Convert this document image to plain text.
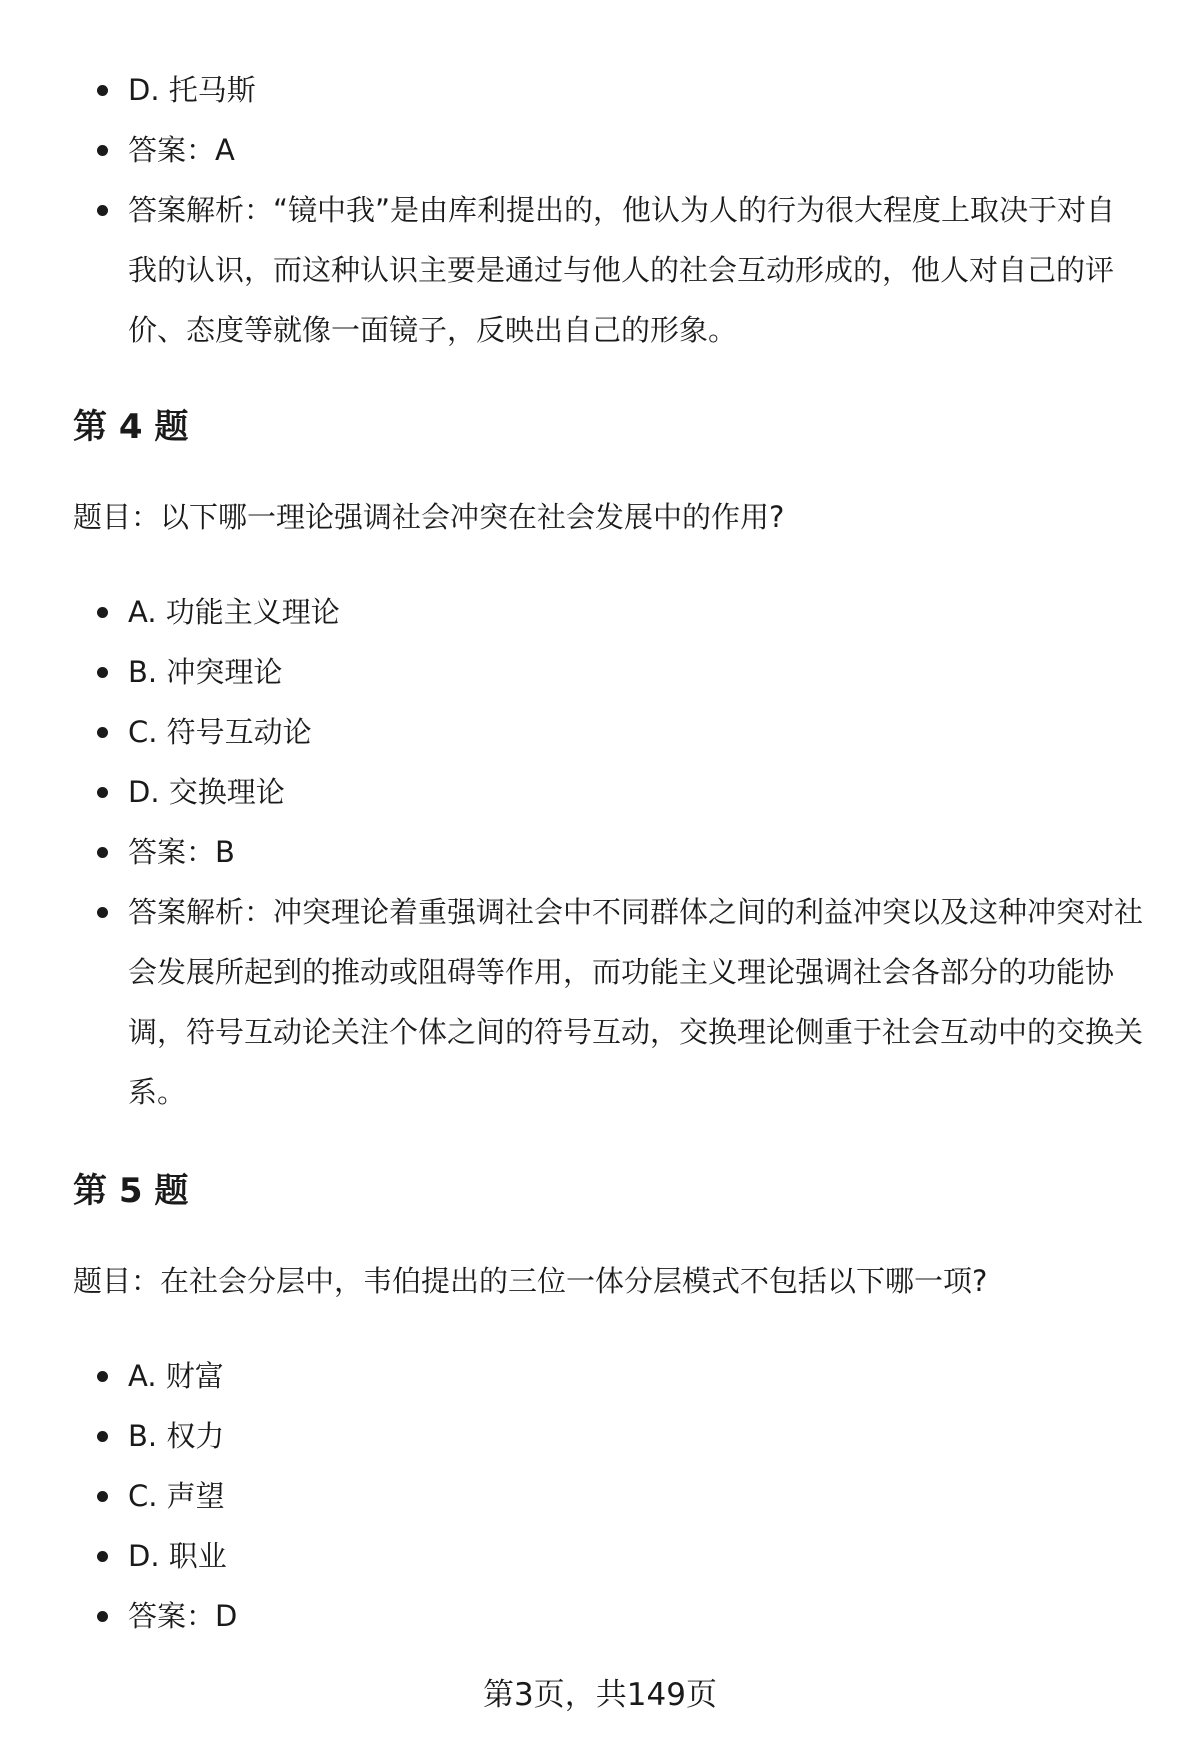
D. 托马斯
答案：A
答案解析：“镜中我”是由库利提出的，他认为人的行为很大程度上取决于对自我的认识，而这种认识主要是通过与他人的社会互动形成的，他人对自己的评价、态度等就像一面镜子，反映出自己的形象。
第 4 题

题目：以下哪一理论强调社会冲突在社会发展中的作用?

A. 功能主义理论
B. 冲突理论
C. 符号互动论
D. 交换理论
答案：B
答案解析：冲突理论着重强调社会中不同群体之间的利益冲突以及这种冲突对社会发展所起到的推动或阻碍等作用，而功能主义理论强调社会各部分的功能协调，符号互动论关注个体之间的符号互动，交换理论侧重于社会互动中的交换关系。
第 5 题

题目：在社会分层中，韦伯提出的三位一体分层模式不包括以下哪一项?

A. 财富
B. 权力
C. 声望
D. 职业
答案：D
第3页，共149页
